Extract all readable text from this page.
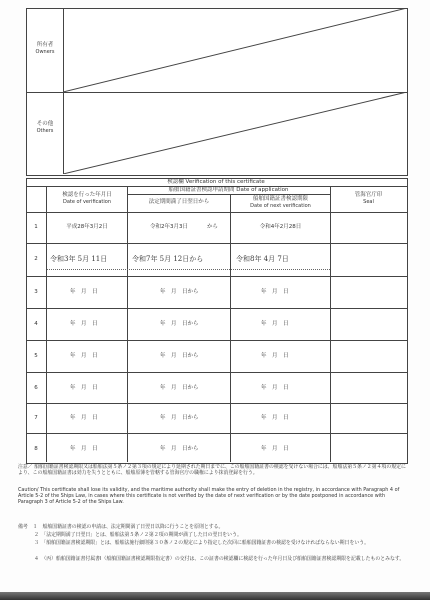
所有者
Owners
その他
Others
検認欄 Verification of this certificate
船舶国籍証書検認申請期間 Date of application
検認を行った年月日
Date of verification	法定期間満了日翌日から	船舶国籍証書検認期限
Date of next verification
管海官庁印
Seal
1	平成28年3月2日	令和2年3月3日	から	令和4年2月28日
2	令和3年 5月 11日	令和7年 5月 12日から	令和8年 4月 7日
3	年　月　日	年　月　日から	年　月　日
4	年　月　日	年　月　日から	年　月　日
5	年　月　日	年　月　日から	年　月　日
6	年　月　日	年　月　日から	年　月　日
7	年　月　日	年　月　日から	年　月　日
8	年　月　日	年　月　日から	年　月　日
注意／ 船舶国籍証書検認期限又は船舶法第５条ノ２第３項の規定により延期された期日までに、この船舶国籍証書の検認を受けない場合には、船舶法第５条ノ２第４項の規定により、この船舶国籍証書は効力を失うとともに、船舶原簿を管轄する管海官庁の職権により抹消登録を行う。
Caution/ This certificate shall lose its validity, and the maritime authority shall make the entry of deletion in the registry, in accordance with Paragraph 4 of Article 5-2 of the Ships Law, in cases where this certificate is not verified by the date of next verification or by the date postponed in accordance with Paragraph 3 of Article 5-2 of the Ships Law.
備考　１　船舶国籍証書の検認の申請は、法定期間満了日翌日以降に行うことを原則とする。
２　「法定期間満了日翌日」とは、船舶法第５条ノ２第２項の期間が満了した日の翌日をいう。
３　「船舶国籍証書検認期限」とは、船舶法施行細則第３０条ノ２の規定により指定した次回に船舶国籍証書の検認を受けなければならない期日をいう。
４　（丙）船舶国籍証書付属書Ⅰ（船舶国籍証書検認期限指定書）の交付は、この証書の検認欄に検認を行った年月日及び船舶国籍証書検認期限を記載したものとみなす。
